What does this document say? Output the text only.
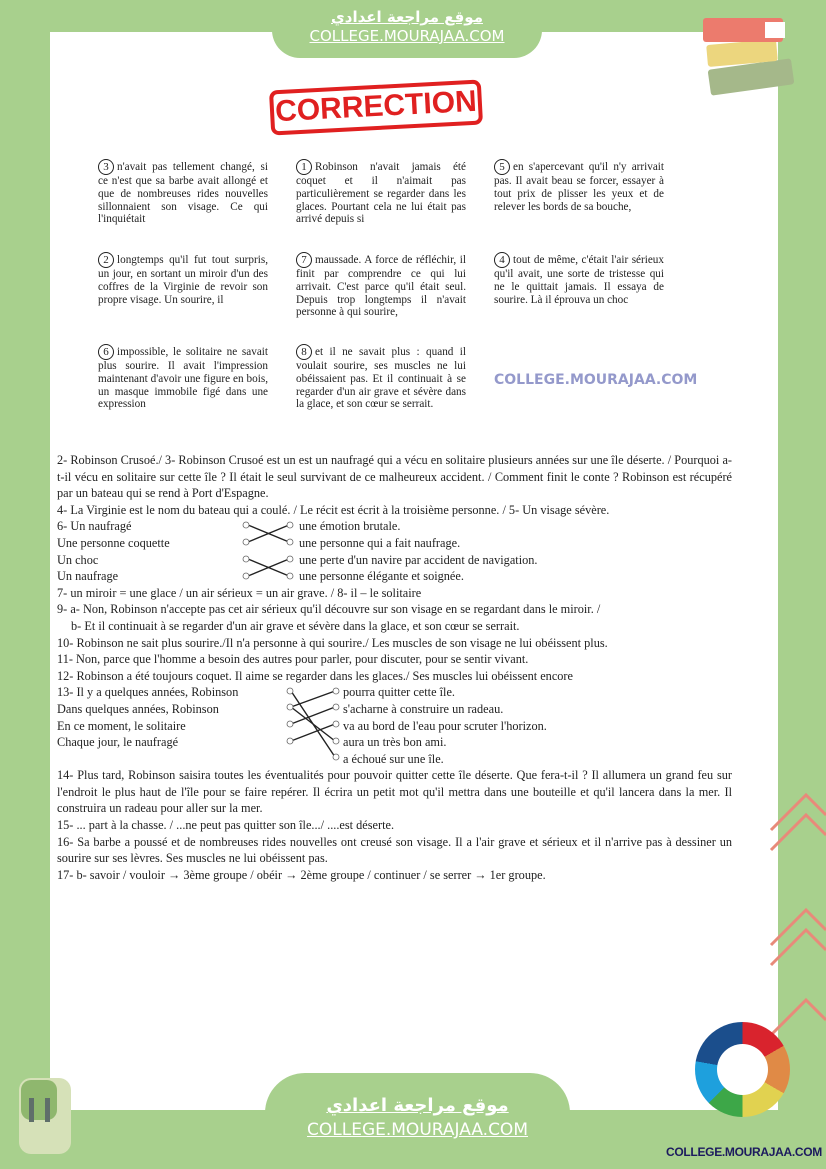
موقع مراجعة اعدادي
COLLEGE.MOURAJAA.COM
CORRECTION
3 n'avait pas tellement changé, si ce n'est que sa barbe avait allongé et que de nombreuses rides nouvelles sillonnaient son visage. Ce qui l'inquiétait
1 Robinson n'avait jamais été coquet et il n'aimait pas particulièrement se regarder dans les glaces. Pourtant cela ne lui était pas arrivé depuis si
5 en s'apercevant qu'il n'y arrivait pas. Il avait beau se forcer, essayer à tout prix de plisser les yeux et de relever les bords de sa bouche,
2 longtemps qu'il fut tout surpris, un jour, en sortant un miroir d'un des coffres de la Virginie de revoir son propre visage. Un sourire, il
7 maussade. A force de réfléchir, il finit par comprendre ce qui lui arrivait. C'est parce qu'il était seul. Depuis trop longtemps il n'avait personne à qui sourire,
4 tout de même, c'était l'air sérieux qu'il avait, une sorte de tristesse qui ne le quittait jamais. Il essaya de sourire. Là il éprouva un choc
6 impossible, le solitaire ne savait plus sourire. Il avait l'impression maintenant d'avoir une figure en bois, un masque immobile figé dans une expression
8 et il ne savait plus : quand il voulait sourire, ses muscles ne lui obéissaient pas. Et il continuait à se regarder d'un air grave et sévère dans la glace, et son cœur se serrait.
COLLEGE.MOURAJAA.COM
2- Robinson Crusoé./ 3- Robinson Crusoé est un est un naufragé qui a vécu en solitaire plusieurs années sur une île déserte. / Pourquoi a-t-il vécu en solitaire sur cette île ? Il était le seul survivant de ce malheureux accident. / Comment finit le conte ? Robinson est récupéré par un bateau qui se rend à Port d'Espagne.
4- La Virginie est le nom du bateau qui a coulé. / Le récit est écrit à la troisième personne. / 5- Un visage sévère.
6- Un naufragé	une émotion brutale.
Une personne coquette	une personne qui a fait naufrage.
Un choc	une perte d'un navire par accident de navigation.
Un naufrage	une personne élégante et soignée.
7- un miroir = une glace / un air sérieux = un air grave. / 8- il – le solitaire
9- a- Non, Robinson n'accepte pas cet air sérieux qu'il découvre sur son visage en se regardant dans le miroir. /
b- Et il continuait à se regarder d'un air grave et sévère dans la glace, et son cœur se serrait.
10- Robinson ne sait plus sourire./Il n'a personne à qui sourire./ Les muscles de son visage ne lui obéissent plus.
11- Non, parce que l'homme a besoin des autres pour parler, pour discuter, pour se sentir vivant.
12- Robinson a été toujours coquet. Il aime se regarder dans les glaces./ Ses muscles lui obéissent encore
13- Il y a quelques années, Robinson	pourra quitter cette île.
Dans quelques années, Robinson	s'acharne à construire un radeau.
En ce moment, le solitaire	va au bord de l'eau pour scruter l'horizon.
Chaque jour, le naufragé	aura un très bon ami.
a échoué sur une île.
14- Plus tard, Robinson saisira toutes les éventualités pour pouvoir quitter cette île déserte. Que fera-t-il ? Il allumera un grand feu sur l'endroit le plus haut de l'île pour se faire repérer. Il écrira un petit mot qu'il mettra dans une bouteille et qu'il lancera dans la mer. Il construira un radeau pour aller sur la mer.
15- ... part à la chasse. / ...ne peut pas quitter son île.../ ....est déserte.
16- Sa barbe a poussé et de nombreuses rides nouvelles ont creusé son visage. Il a l'air grave et sérieux et il n'arrive pas à dessiner un sourire sur ses lèvres. Ses muscles ne lui obéissent pas.
17- b- savoir / vouloir → 3ème groupe / obéir → 2ème groupe / continuer / se serrer → 1er groupe.
موقع مراجعة اعدادي
COLLEGE.MOURAJAA.COM
COLLEGE.MOURAJAA.COM
